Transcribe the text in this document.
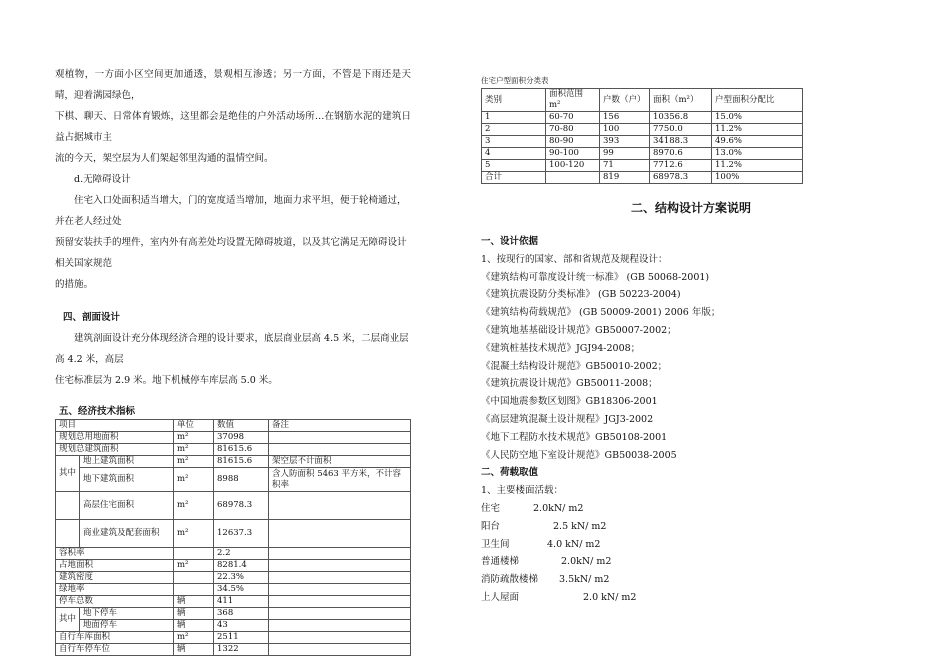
观植物，一方面小区空间更加通透，景观相互渗透；另一方面，不管是下雨还是天晴，迎着满园绿色，

下棋、聊天、日常体育锻炼，这里都会是绝佳的户外活动场所…在钢筋水泥的建筑日益占据城市主

流的今天，架空层为人们架起邻里沟通的温情空间。

d.无障碍设计

住宅入口处面积适当增大，门的宽度适当增加，地面力求平坦，便于轮椅通过，并在老人经过处

预留安装扶手的埋件，室内外有高差处均设置无障碍坡道，以及其它满足无障碍设计相关国家规范

的措施。

四、剖面设计

建筑剖面设计充分体现经济合理的设计要求，底层商业层高 4.5 米，二层商业层高 4.2 米，高层

住宅标准层为 2.9 米。地下机械停车库层高 5.0 米。

五、经济技术指标

项目		单位	数值	备注
规划总用地面积		m²	37098	
规划总建筑面积		m²	81615.6	
其中	地上建筑面积	m²	81615.6	架空层不计面积
	地下建筑面积	m²	8988	含人防面积 5463 平方米，不计容积率
	高层住宅面积	m²	68978.3	
	商业建筑及配套面积	m²	12637.3	
容积率			2.2	
占地面积		m²	8281.4	
建筑密度			22.3%	
绿地率			34.5%	
停车总数		辆	411	
其中	地下停车	辆	368	
	地面停车	辆	43	
自行车库面积		m²	2511	
自行车停车位		辆	1322	

住宅户型面积分类表

类别	面积范围 m²	户数（户）	面积（m²）	户型面积分配比
1	60-70	156	10356.8	15.0%
2	70-80	100	7750.0	11.2%
3	80-90	393	34188.3	49.6%
4	90-100	99	8970.6	13.0%
5	100-120	71	7712.6	11.2%
合计		819	68978.3	100%

二、结构设计方案说明

一、设计依据

1、按现行的国家、部和省规范及规程设计：

《建筑结构可靠度设计统一标准》 (GB 50068-2001)

《建筑抗震设防分类标准》 (GB 50223-2004)

《建筑结构荷载规范》 (GB 50009-2001) 2006 年版；

《建筑地基基础设计规范》GB50007-2002；

《建筑桩基技术规范》JGJ94-2008；

《混凝土结构设计规范》GB50010-2002；

《建筑抗震设计规范》GB50011-2008；

《中国地震参数区划图》GB18306-2001

《高层建筑混凝土设计规程》JGJ3-2002

《地下工程防水技术规范》GB50108-2001

《人民防空地下室设计规范》GB50038-2005

二、荷载取值

1、主要楼面活载：

住宅	2.0kN/ m2
阳台	2.5 kN/ m2
卫生间	4.0 kN/ m2
普通楼梯	2.0kN/ m2
消防疏散楼梯	3.5kN/ m2
上人屋面	2.0 kN/ m2
